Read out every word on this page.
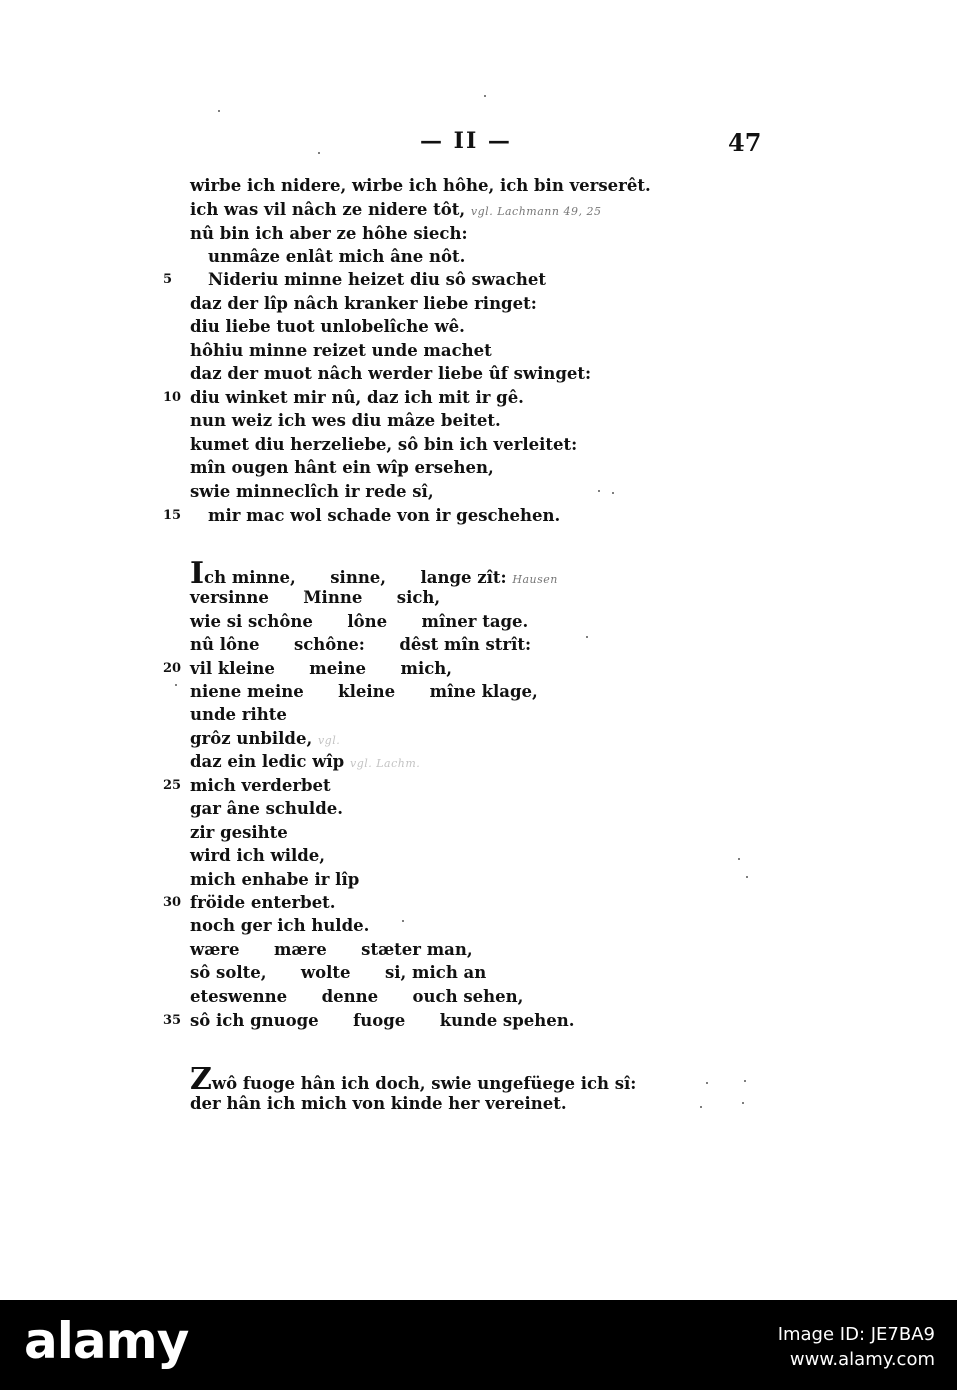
— II —	47
wirbe ich nidere, wirbe ich hôhe, ich bin verserêt.
ich was vil nâch ze nidere tôt, vgl. Lachmann 49, 25
nû bin ich aber ze hôhe siech:
unmâze enlât mich âne nôt.
5	Nideriu minne heizet diu sô swachet
daz der lîp nâch kranker liebe ringet:
diu liebe tuot unlobelîche wê.
hôhiu minne reizet unde machet
daz der muot nâch werder liebe ûf swinget:
10 diu winket mir nû, daz ich mit ir gê.
nun weiz ich wes diu mâze beitet.
kumet diu herzeliebe, sô bin ich verleitet:
mîn ougen hânt ein wîp ersehen,
swie minneclîch ir rede sî,
15	mir mac wol schade von ir geschehen.
Ich minne,      sinne,      lange zît: Hausen
versinne      Minne      sich,
wie si schône      lône      mîner tage.
nû lône      schône:      dêst mîn strît:
20 vil kleine      meine      mich,
niene meine      kleine      mîne klage,
unde rihte
grôz unbilde, vgl.
daz ein ledic wîp vgl. Lachm.
25 mich verderbet
gar âne schulde.
zir gesihte
wird ich wilde,
mich enhabe ir lîp
30 fröide enterbet.
noch ger ich hulde.
wære      mære      stæter man,
sô solte,      wolte      si, mich an
eteswenne      denne      ouch sehen,
35 sô ich gnuoge      fuoge      kunde spehen.
Zwô fuoge hân ich doch, swie ungefüege ich sî:
der hân ich mich von kinde her vereinet.
alamy	Image ID: JE7BA9
www.alamy.com
